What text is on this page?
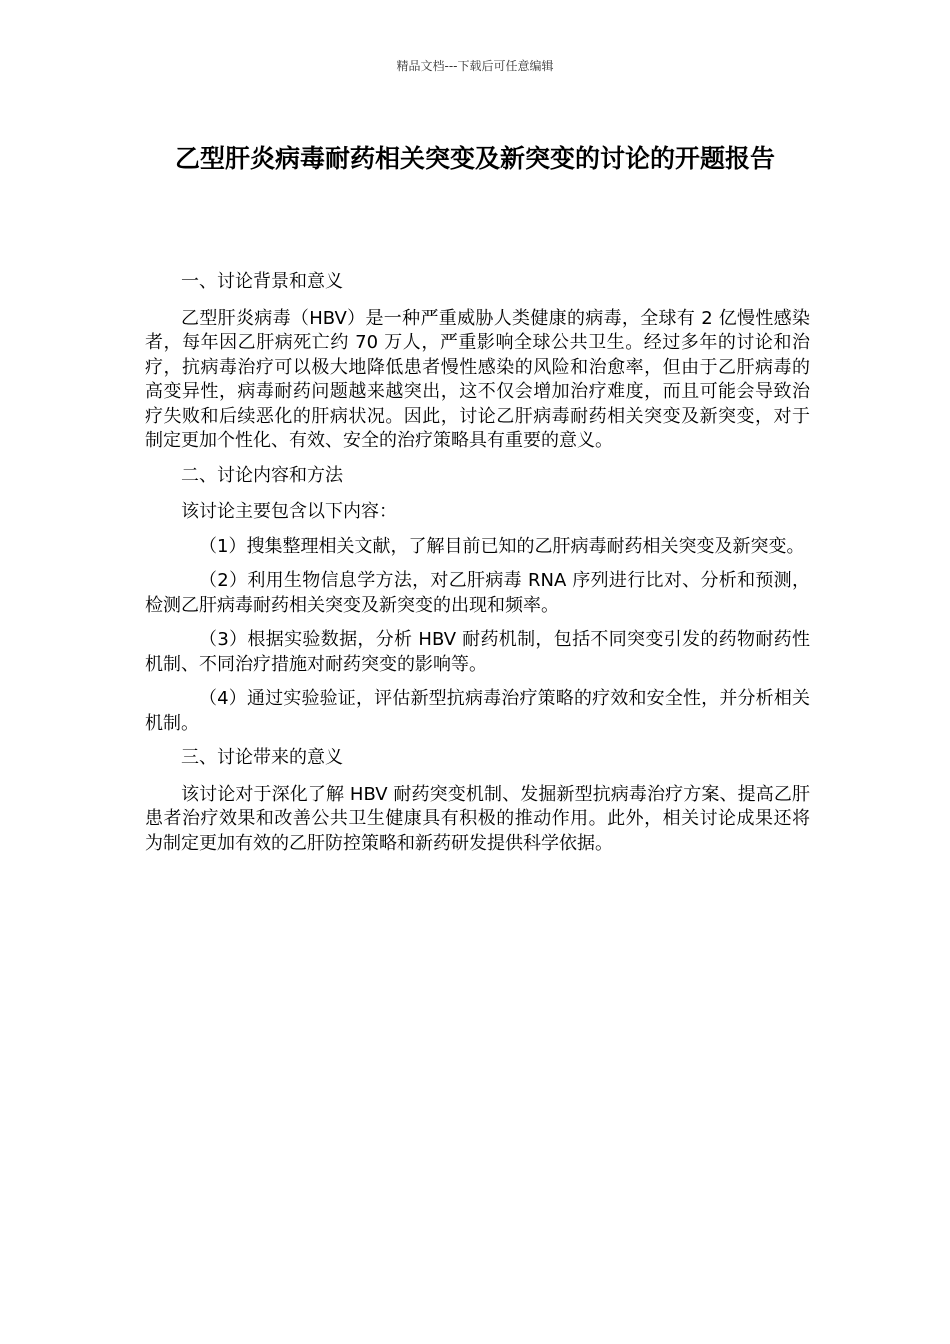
精品文档---下载后可任意编辑
乙型肝炎病毒耐药相关突变及新突变的讨论的开题报告

一、讨论背景和意义

乙型肝炎病毒（HBV）是一种严重威胁人类健康的病毒，全球有 2 亿慢性感染者，每年因乙肝病死亡约 70 万人，严重影响全球公共卫生。经过多年的讨论和治疗，抗病毒治疗可以极大地降低患者慢性感染的风险和治愈率，但由于乙肝病毒的高变异性，病毒耐药问题越来越突出，这不仅会增加治疗难度，而且可能会导致治疗失败和后续恶化的肝病状况。因此，讨论乙肝病毒耐药相关突变及新突变，对于制定更加个性化、有效、安全的治疗策略具有重要的意义。

二、讨论内容和方法

该讨论主要包含以下内容：

（1）搜集整理相关文献，了解目前已知的乙肝病毒耐药相关突变及新突变。

（2）利用生物信息学方法，对乙肝病毒 RNA 序列进行比对、分析和预测，检测乙肝病毒耐药相关突变及新突变的出现和频率。

（3）根据实验数据，分析 HBV 耐药机制，包括不同突变引发的药物耐药性机制、不同治疗措施对耐药突变的影响等。

（4）通过实验验证，评估新型抗病毒治疗策略的疗效和安全性，并分析相关机制。

三、讨论带来的意义

该讨论对于深化了解 HBV 耐药突变机制、发掘新型抗病毒治疗方案、提高乙肝患者治疗效果和改善公共卫生健康具有积极的推动作用。此外，相关讨论成果还将为制定更加有效的乙肝防控策略和新药研发提供科学依据。
